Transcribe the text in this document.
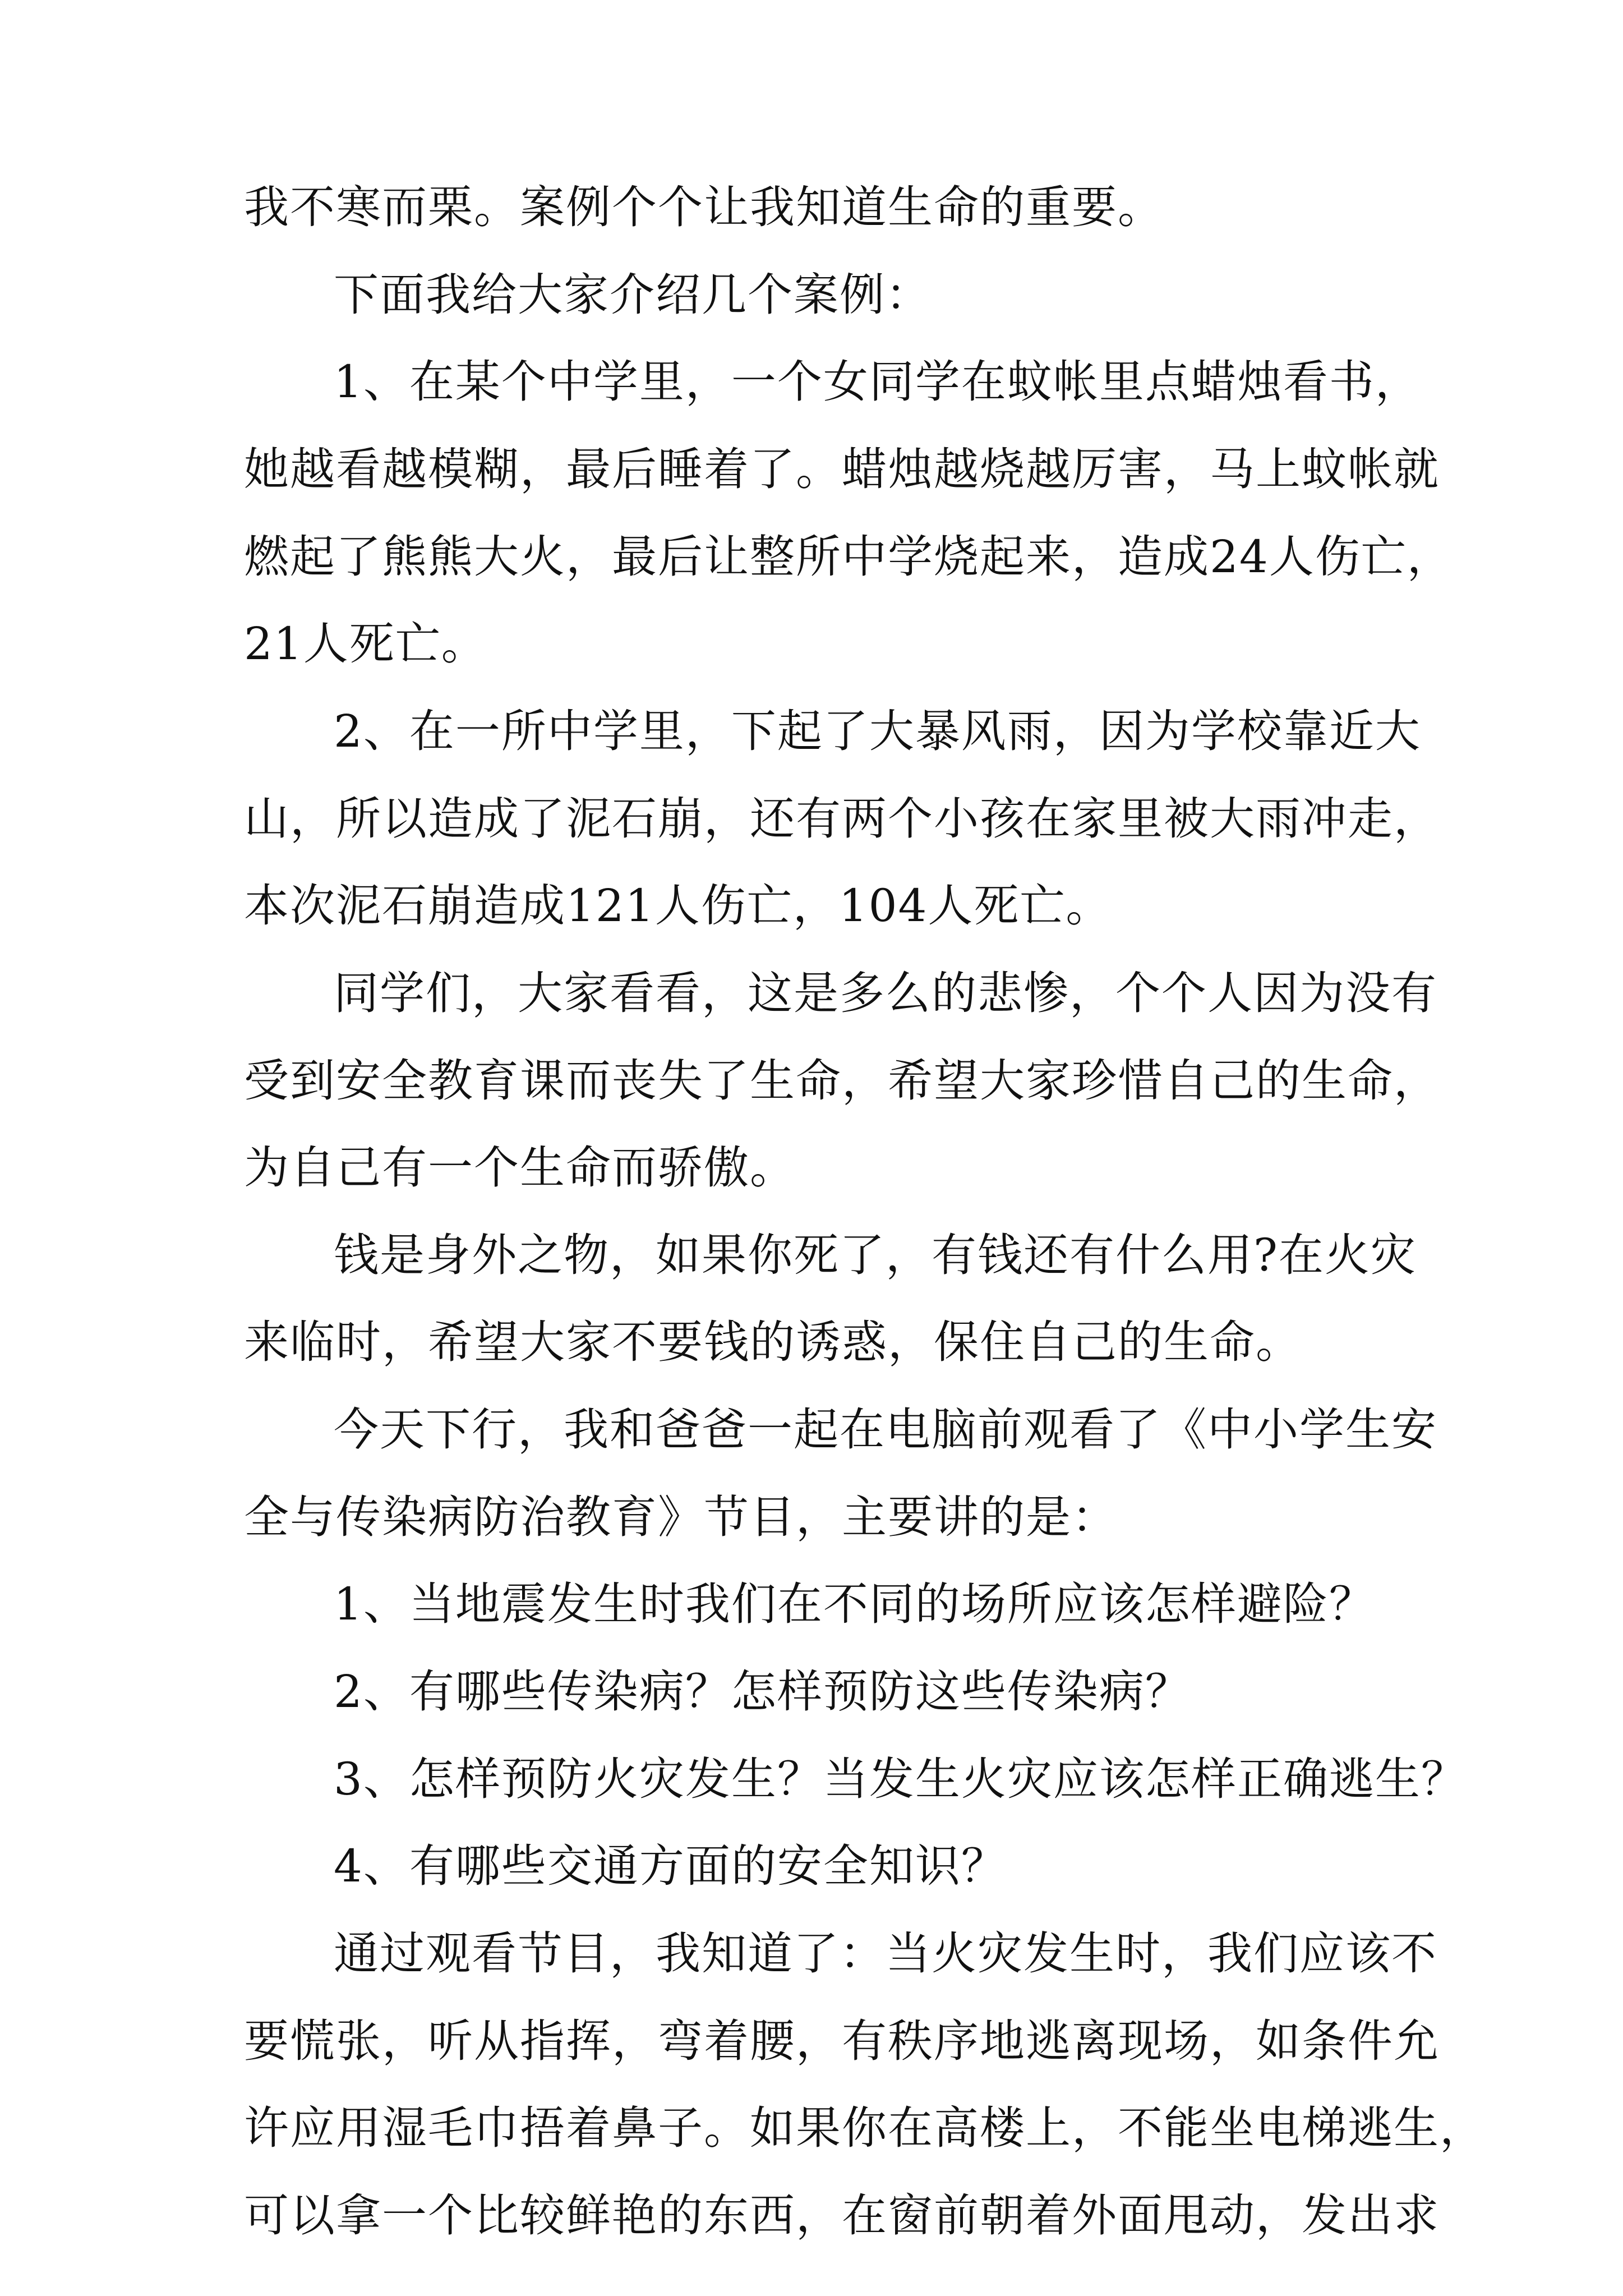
我不寒而栗。案例个个让我知道生命的重要。

下面我给大家介绍几个案例：

1、在某个中学里，一个女同学在蚊帐里点蜡烛看书，

她越看越模糊，最后睡着了。蜡烛越烧越厉害，马上蚊帐就

燃起了熊熊大火，最后让整所中学烧起来，造成24人伤亡，

21人死亡。

2、在一所中学里，下起了大暴风雨，因为学校靠近大

山，所以造成了泥石崩，还有两个小孩在家里被大雨冲走，

本次泥石崩造成121人伤亡，104人死亡。

同学们，大家看看，这是多么的悲惨，个个人因为没有

受到安全教育课而丧失了生命，希望大家珍惜自己的生命，

为自己有一个生命而骄傲。

钱是身外之物，如果你死了，有钱还有什么用?在火灾

来临时，希望大家不要钱的诱惑，保住自己的生命。

今天下行，我和爸爸一起在电脑前观看了《中小学生安

全与传染病防治教育》节目，主要讲的是：

1、当地震发生时我们在不同的场所应该怎样避险？

2、有哪些传染病？怎样预防这些传染病？

3、怎样预防火灾发生？当发生火灾应该怎样正确逃生？

4、有哪些交通方面的安全知识？

通过观看节目，我知道了：当火灾发生时，我们应该不

要慌张，听从指挥，弯着腰，有秩序地逃离现场，如条件允

许应用湿毛巾捂着鼻子。如果你在高楼上，不能坐电梯逃生，

可以拿一个比较鲜艳的东西，在窗前朝着外面甩动，发出求
